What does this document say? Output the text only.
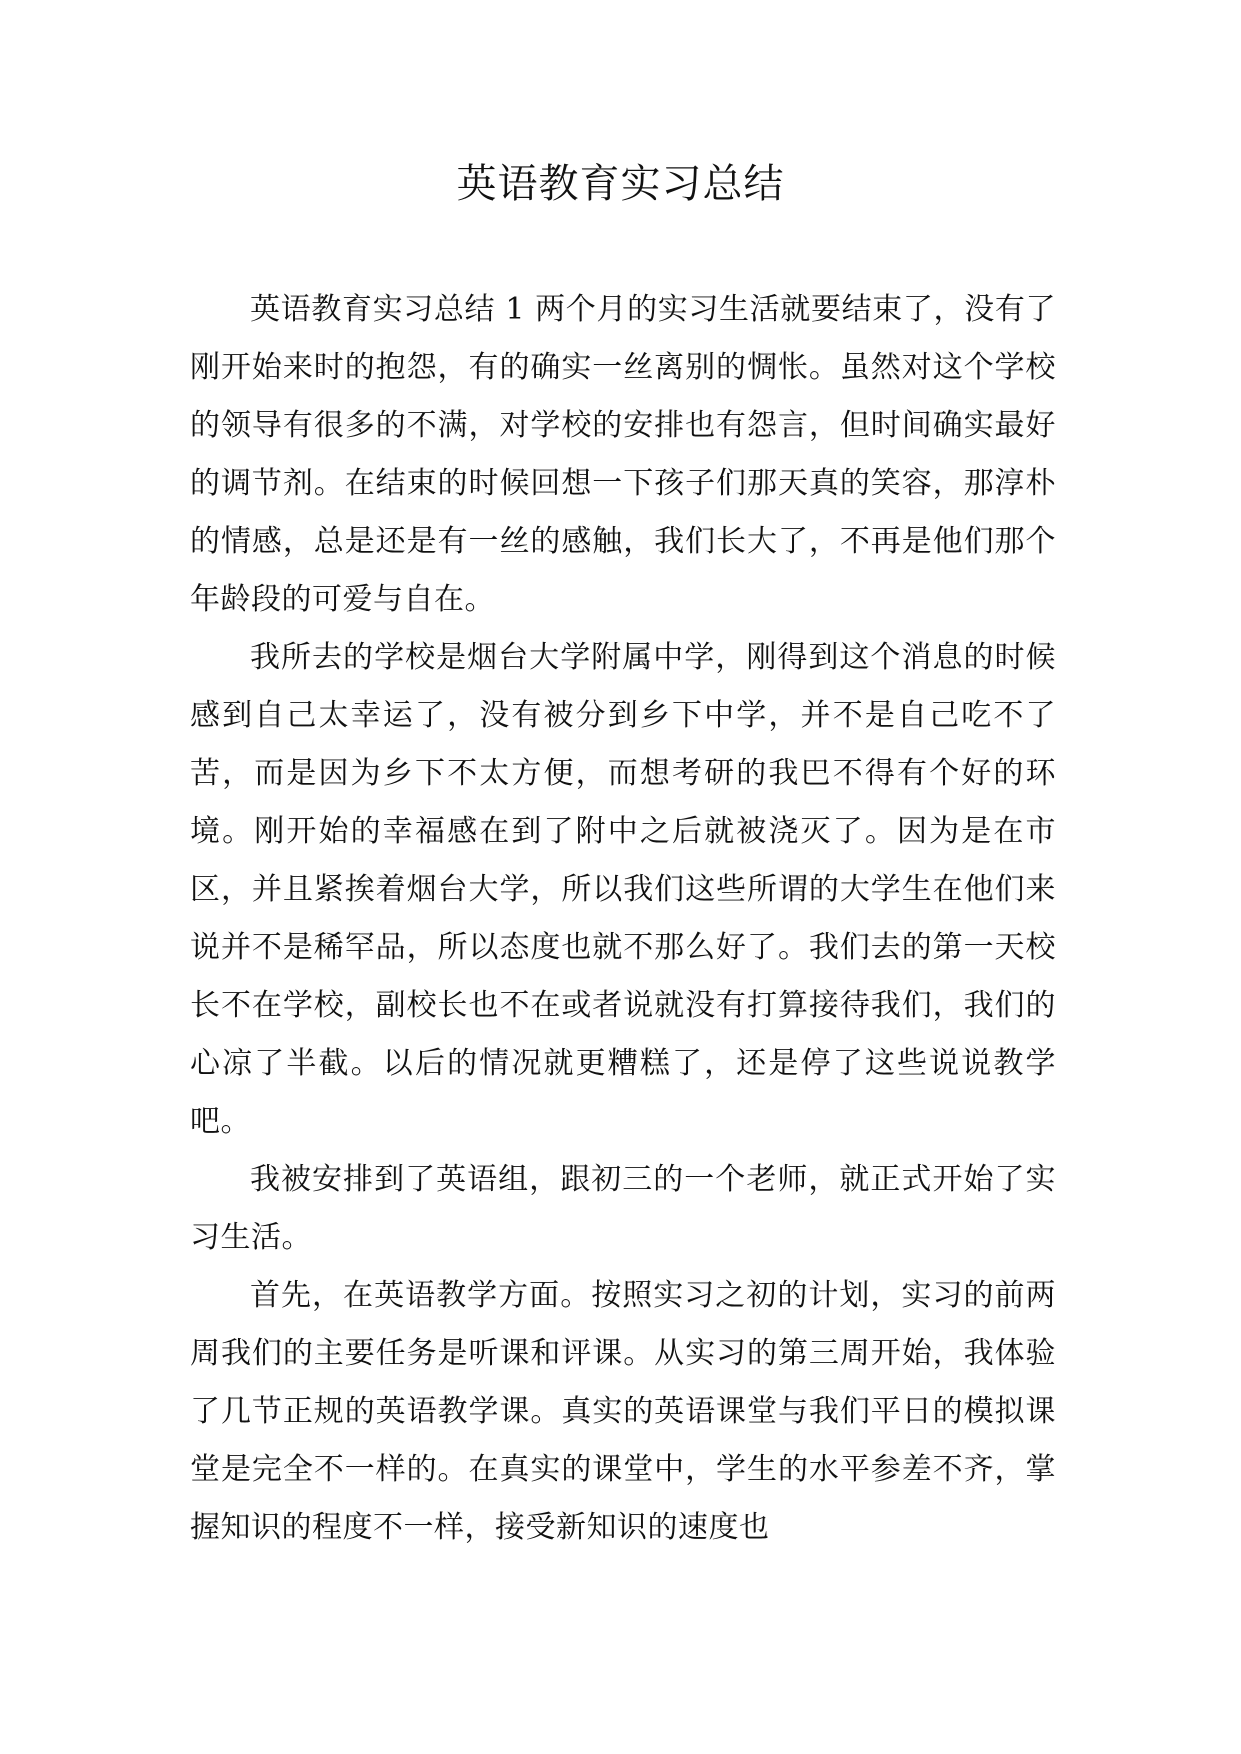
英语教育实习总结

英语教育实习总结 1 两个月的实习生活就要结束了，没有了刚开始来时的抱怨，有的确实一丝离别的惆怅。虽然对这个学校的领导有很多的不满，对学校的安排也有怨言，但时间确实最好的调节剂。在结束的时候回想一下孩子们那天真的笑容，那淳朴的情感，总是还是有一丝的感触，我们长大了，不再是他们那个年龄段的可爱与自在。

我所去的学校是烟台大学附属中学，刚得到这个消息的时候感到自己太幸运了，没有被分到乡下中学，并不是自己吃不了苦，而是因为乡下不太方便，而想考研的我巴不得有个好的环境。刚开始的幸福感在到了附中之后就被浇灭了。因为是在市区，并且紧挨着烟台大学，所以我们这些所谓的大学生在他们来说并不是稀罕品，所以态度也就不那么好了。我们去的第一天校长不在学校，副校长也不在或者说就没有打算接待我们，我们的心凉了半截。以后的情况就更糟糕了，还是停了这些说说教学吧。

我被安排到了英语组，跟初三的一个老师，就正式开始了实习生活。

首先，在英语教学方面。按照实习之初的计划，实习的前两周我们的主要任务是听课和评课。从实习的第三周开始，我体验了几节正规的英语教学课。真实的英语课堂与我们平日的模拟课堂是完全不一样的。在真实的课堂中，学生的水平参差不齐，掌握知识的程度不一样，接受新知识的速度也
